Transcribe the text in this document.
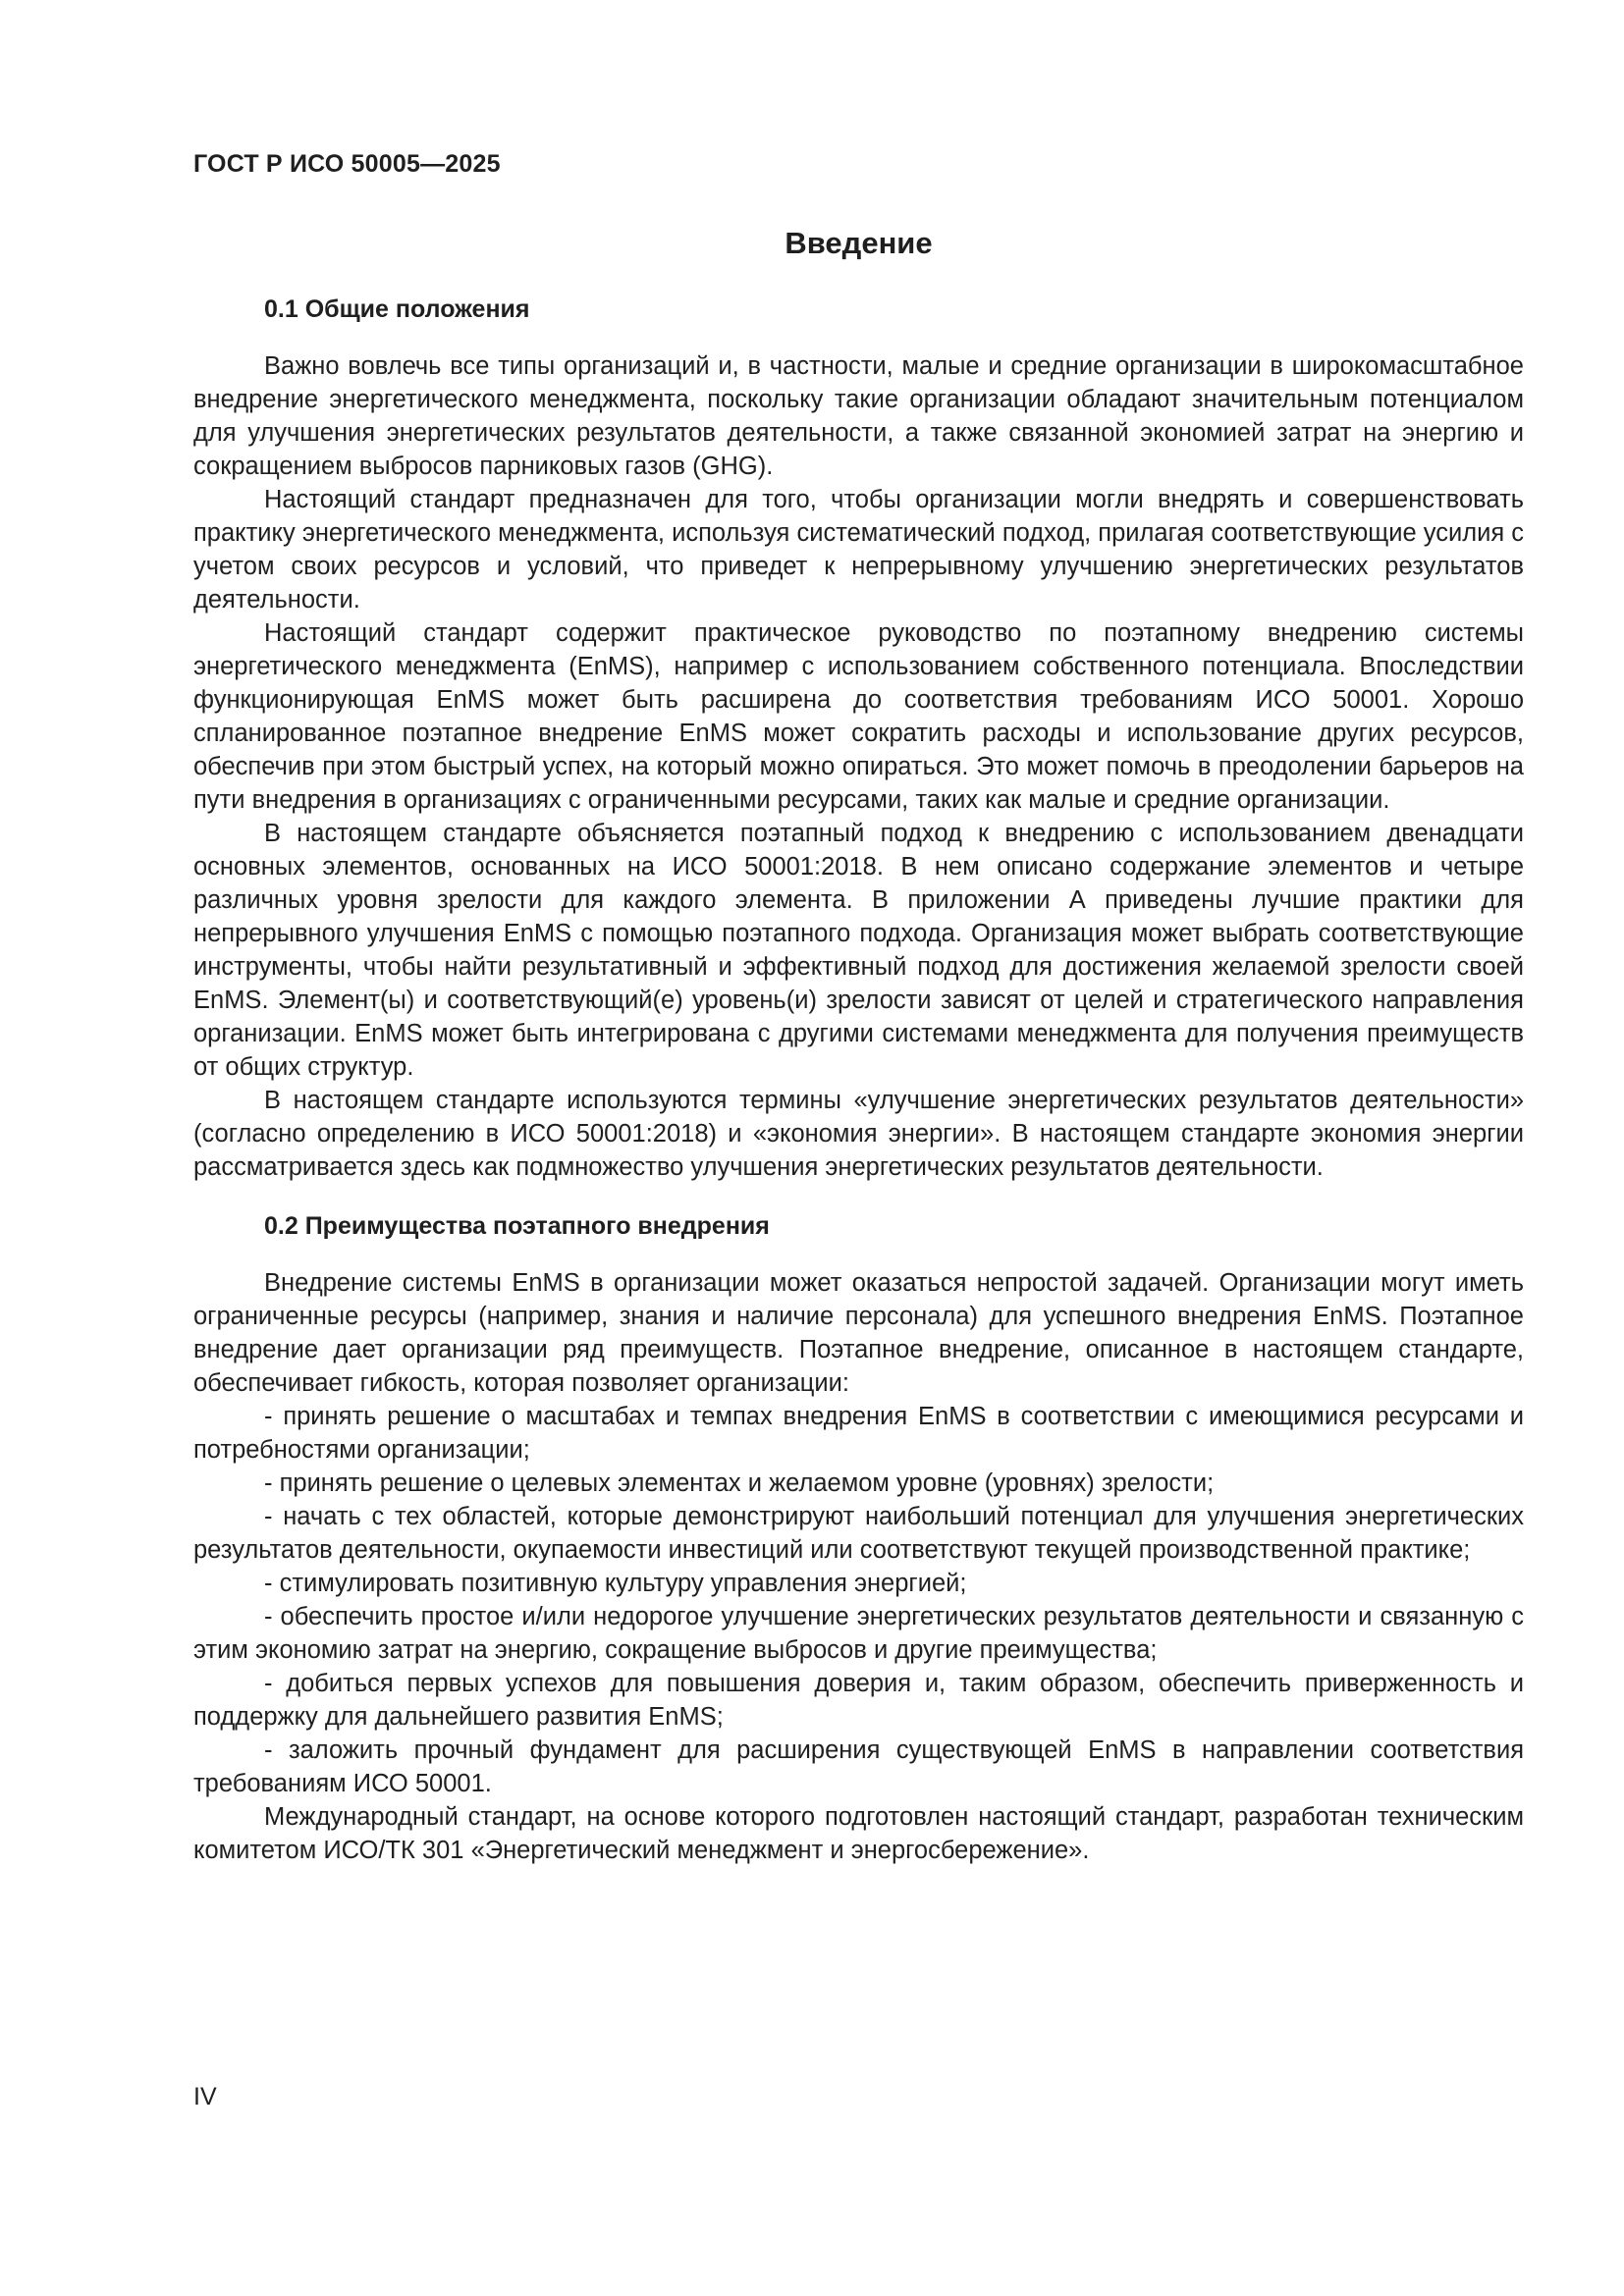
ГОСТ Р ИСО 50005—2025

Введение
0.1 Общие положения

Важно вовлечь все типы организаций и, в частности, малые и средние организации в широкомасштабное внедрение энергетического менеджмента, поскольку такие организации обладают значительным потенциалом для улучшения энергетических результатов деятельности, а также связанной экономией затрат на энергию и сокращением выбросов парниковых газов (GHG).

Настоящий стандарт предназначен для того, чтобы организации могли внедрять и совершенствовать практику энергетического менеджмента, используя систематический подход, прилагая соответствующие усилия с учетом своих ресурсов и условий, что приведет к непрерывному улучшению энергетических результатов деятельности.

Настоящий стандарт содержит практическое руководство по поэтапному внедрению системы энергетического менеджмента (EnMS), например с использованием собственного потенциала. Впоследствии функционирующая EnMS может быть расширена до соответствия требованиям ИСО 50001. Хорошо спланированное поэтапное внедрение EnMS может сократить расходы и использование других ресурсов, обеспечив при этом быстрый успех, на который можно опираться. Это может помочь в преодолении барьеров на пути внедрения в организациях с ограниченными ресурсами, таких как малые и средние организации.

В настоящем стандарте объясняется поэтапный подход к внедрению с использованием двенадцати основных элементов, основанных на ИСО 50001:2018. В нем описано содержание элементов и четыре различных уровня зрелости для каждого элемента. В приложении А приведены лучшие практики для непрерывного улучшения EnMS с помощью поэтапного подхода. Организация может выбрать соответствующие инструменты, чтобы найти результативный и эффективный подход для достижения желаемой зрелости своей EnMS. Элемент(ы) и соответствующий(е) уровень(и) зрелости зависят от целей и стратегического направления организации. EnMS может быть интегрирована с другими системами менеджмента для получения преимуществ от общих структур.

В настоящем стандарте используются термины «улучшение энергетических результатов деятельности» (согласно определению в ИСО 50001:2018) и «экономия энергии». В настоящем стандарте экономия энергии рассматривается здесь как подмножество улучшения энергетических результатов деятельности.

0.2 Преимущества поэтапного внедрения

Внедрение системы EnMS в организации может оказаться непростой задачей. Организации могут иметь ограниченные ресурсы (например, знания и наличие персонала) для успешного внедрения EnMS. Поэтапное внедрение дает организации ряд преимуществ. Поэтапное внедрение, описанное в настоящем стандарте, обеспечивает гибкость, которая позволяет организации:

- принять решение о масштабах и темпах внедрения EnMS в соответствии с имеющимися ресурсами и потребностями организации;
- принять решение о целевых элементах и желаемом уровне (уровнях) зрелости;
- начать с тех областей, которые демонстрируют наибольший потенциал для улучшения энергетических результатов деятельности, окупаемости инвестиций или соответствуют текущей производственной практике;
- стимулировать позитивную культуру управления энергией;
- обеспечить простое и/или недорогое улучшение энергетических результатов деятельности и связанную с этим экономию затрат на энергию, сокращение выбросов и другие преимущества;
- добиться первых успехов для повышения доверия и, таким образом, обеспечить приверженность и поддержку для дальнейшего развития EnMS;
- заложить прочный фундамент для расширения существующей EnMS в направлении соответствия требованиям ИСО 50001.

Международный стандарт, на основе которого подготовлен настоящий стандарт, разработан техническим комитетом ИСО/ТК 301 «Энергетический менеджмент и энергосбережение».

IV
